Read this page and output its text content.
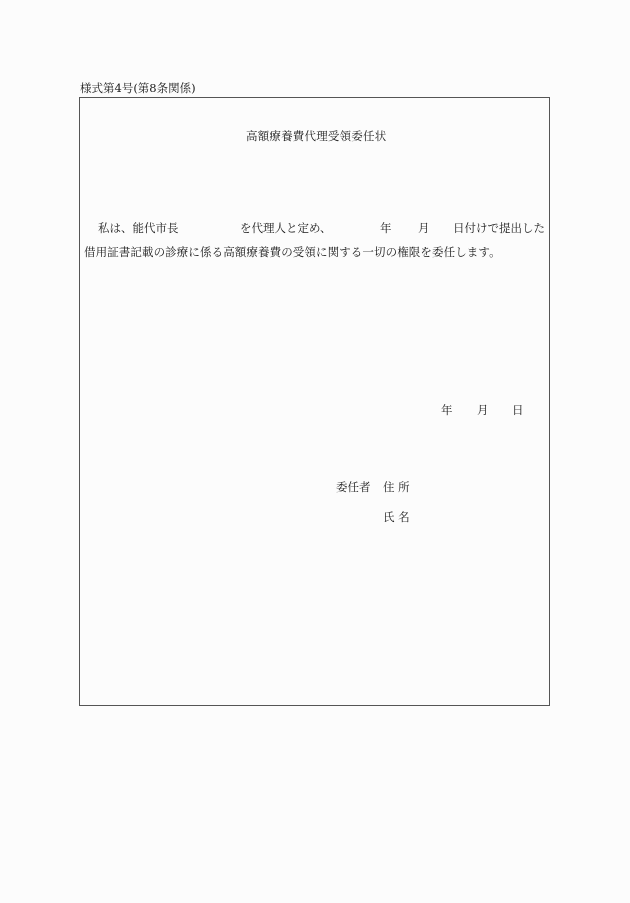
様式第4号(第8条関係)
高額療養費代理受領委任状
私は、能代市長	を代理人と定め、	年 月 日付けで提出した
借用証書記載の診療に係る高額療養費の受領に関する一切の権限を委任します。
年 月 日
委任者 住 所
氏 名
